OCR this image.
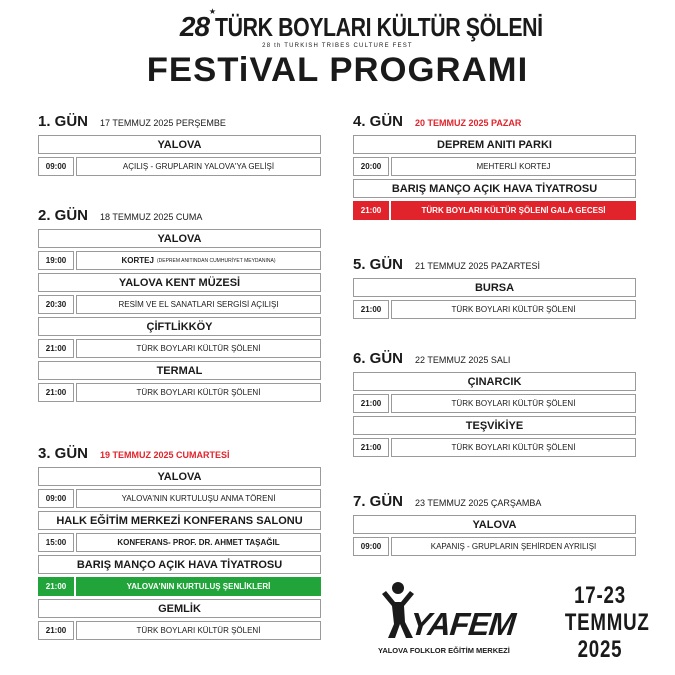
28 ★ TÜRK BOYLARI KÜLTÜR ŞÖLENİ
28 th TURKISH TRIBES CULTURE FEST
FESTiVAL PROGRAMI
1. GÜN 17 TEMMUZ 2025 PERŞEMBE
YALOVA
09:00	AÇILIŞ - GRUPLARIN YALOVA'YA GELİŞİ
2. GÜN 18 TEMMUZ 2025 CUMA
YALOVA
19:00	KORTEJ (DEPREM ANITINDAN CUMHURİYET MEYDANINA)
YALOVA KENT MÜZESİ
20:30	RESİM VE EL SANATLARI SERGİSİ AÇILIŞI
ÇİFTLİKKÖY
21:00	TÜRK BOYLARI KÜLTÜR ŞÖLENİ
TERMAL
21:00	TÜRK BOYLARI KÜLTÜR ŞÖLENİ
3. GÜN 19 TEMMUZ 2025 CUMARTESİ
YALOVA
09:00	YALOVA'NIN KURTULUŞU ANMA TÖRENİ
HALK EĞİTİM MERKEZİ KONFERANS SALONU
15:00	KONFERANS - PROF. DR. AHMET TAŞAĞIL
BARIŞ MANÇO AÇIK HAVA TİYATROSU
21:00	YALOVA'NIN KURTULUŞ ŞENLİKLERİ
GEMLİK
21:00	TÜRK BOYLARI KÜLTÜR ŞÖLENİ
4. GÜN 20 TEMMUZ 2025 PAZAR
DEPREM ANITI PARKI
20:00	MEHTERLİ KORTEJ
BARIŞ MANÇO AÇIK HAVA TİYATROSU
21:00	TÜRK BOYLARI KÜLTÜR ŞÖLENİ GALA GECESİ
5. GÜN 21 TEMMUZ 2025 PAZARTESİ
BURSA
21:00	TÜRK BOYLARI KÜLTÜR ŞÖLENİ
6. GÜN 22 TEMMUZ 2025 SALI
ÇINARCIK
21:00	TÜRK BOYLARI KÜLTÜR ŞÖLENİ
TEŞVİKİYE
21:00	TÜRK BOYLARI KÜLTÜR ŞÖLENİ
7. GÜN 23 TEMMUZ 2025 ÇARŞAMBA
YALOVA
09:00	KAPANIŞ - GRUPLARIN ŞEHİRDEN AYRILIŞI
YAFEM
YALOVA FOLKLOR EĞİTİM MERKEZİ
17-23
TEMMUZ
2025
